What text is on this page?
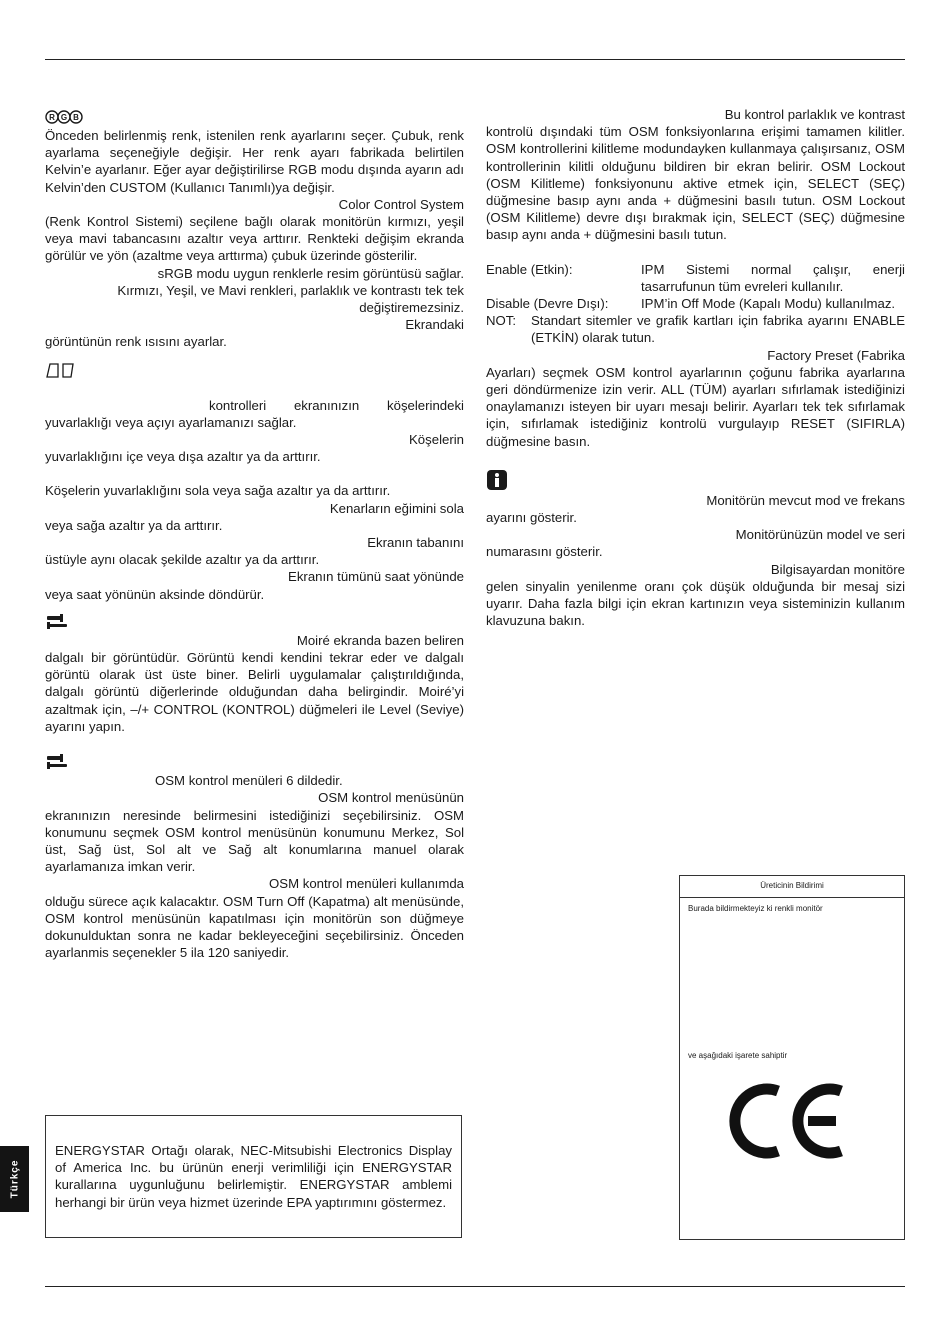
R G B

Önceden belirlenmiş renk, istenilen renk ayarlarını seçer. Çubuk, renk ayarlama seçeneğiyle değişir. Her renk ayarı fabrikada belirtilen Kelvin’e ayarlanır. Eğer ayar değiştirilirse RGB modu dışında ayarın adı Kelvin’den CUSTOM (Kullanıcı Tanımlı)ya değişir.

Color Control System

(Renk Kontrol Sistemi) seçilene bağlı olarak monitörün kırmızı, yeşil veya mavi tabancasını azaltır veya arttırır. Renkteki değişim ekranda görülür ve yön (azaltme veya arttırma) çubuk üzerinde gösterilir.

sRGB modu uygun renklerle resim görüntüsü sağlar. Kırmızı, Yeşil, ve Mavi renkleri, parlaklık ve kontrastı tek tek değiştiremezsiniz.

Ekrandaki

görüntünün renk ısısını ayarlar.

kontrolleri ekranınızın köşelerindeki yuvarlaklığı veya açıyı ayarlamanızı sağlar.

Köşelerin

yuvarlaklığını içe veya dışa azaltır ya da arttırır.

Köşelerin yuvarlaklığını sola veya sağa azaltır ya da arttırır.

Kenarların eğimini sola

veya sağa azaltır ya da arttırır.

Ekranın tabanını

üstüyle aynı olacak şekilde azaltır ya da arttırır.

Ekranın tümünü saat yönünde

veya saat yönünün aksinde döndürür.

Moiré ekranda bazen beliren

dalgalı bir görüntüdür. Görüntü kendi kendini tekrar eder ve dalgalı görüntü olarak üst üste biner. Belirli uygulamalar çalıştırıldığında, dalgalı görüntü diğerlerinde olduğundan daha belirgindir. Moiré’yi azaltmak için, –/+ CONTROL (KONTROL) düğmeleri ile Level (Seviye) ayarını yapın.

OSM kontrol menüleri 6 dildedir.

OSM kontrol menüsünün

ekranınızın neresinde belirmesini istediğinizi seçebilirsiniz. OSM konumunu seçmek OSM kontrol menüsünün konumunu Merkez, Sol üst, Sağ üst, Sol alt ve Sağ alt konumlarına manuel olarak ayarlamanıza imkan verir.

OSM kontrol menüleri kullanımda

olduğu sürece açık kalacaktır. OSM Turn Off (Kapatma) alt menüsünde, OSM kontrol menüsünün kapatılması için monitörün son düğmeye dokunulduktan sonra ne kadar bekleyeceğini seçebilirsiniz. Önceden ayarlanmis seçenekler 5 ila 120 saniyedir.

Bu kontrol parlaklık ve kontrast

kontrolü dışındaki tüm OSM fonksiyonlarına erişimi tamamen kilitler. OSM kontrollerini kilitleme modundayken kullanmaya çalışırsanız, OSM kontrollerinin kilitli olduğunu bildiren bir ekran belirir. OSM Lockout (OSM Kilitleme) fonksiyonunu aktive etmek için, SELECT (SEÇ) düğmesine basıp aynı anda + düğmesini basılı tutun. OSM Lockout (OSM Kilitleme) devre dışı bırakmak için, SELECT (SEÇ) düğmesine basıp aynı anda + düğmesini basılı tutun.

Enable (Etkin):	IPM Sistemi normal çalışır, enerji tasarrufunun tüm evreleri kullanılır.
Disable (Devre Dışı):	IPM’in Off Mode (Kapalı Modu) kullanılmaz.
NOT:	Standart sitemler ve grafik kartları için fabrika ayarını ENABLE (ETKİN) olarak tutun.

Factory Preset (Fabrika

Ayarları) seçmek OSM kontrol ayarlarının çoğunu fabrika ayarlarına geri döndürmenize izin verir. ALL (TÜM) ayarları sıfırlamak istediğinizi onaylamanızı isteyen bir uyarı mesajı belirir. Ayarları tek tek sıfırlamak için, sıfırlamak istediğiniz kontrolü vurgulayıp RESET (SIFIRLA) düğmesine basın.

Monitörün mevcut mod ve frekans

ayarını gösterir.

Monitörünüzün model ve seri

numarasını gösterir.

Bilgisayardan monitöre

gelen sinyalin yenilenme oranı çok düşük olduğunda bir mesaj sizi uyarır. Daha fazla bilgi için ekran kartınızın veya sisteminizin kullanım klavuzuna bakın.

ENERGYSTAR Ortağı olarak, NEC-Mitsubishi Electronics Display of America Inc. bu ürünün enerji verimliliği için ENERGYSTAR kurallarına uygunluğunu belirlemiştir. ENERGYSTAR amblemi herhangi bir ürün veya hizmet üzerinde EPA yaptırımını göstermez.

Türkçe
Üreticinin Bildirimi
Burada bildirmekteyiz ki renkli monitör
ve aşağıdaki işarete sahiptir
